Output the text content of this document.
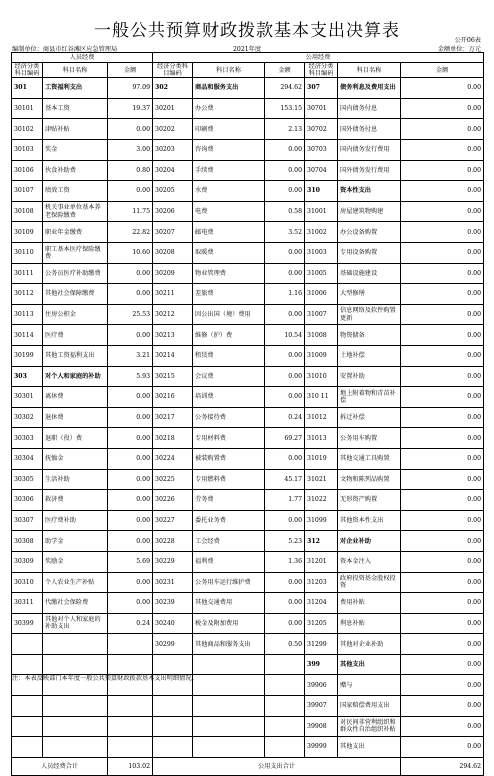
一般公共预算财政拨款基本支出决算表	公开06表
编制单位：商县市红谷滩区应急管理局	2021年度	金额单位：万元
人员经费			公用经费					
经济分类科目编码	科目名称	金额	经济分类科目编码	科目名称	金额	经济分类科目编码	科目名称	金额
301	工资福利支出	97.09	302	商品和服务支出	294.62	307	债务利息及费用支出	0.00
30101	基本工资	19.37	30201	办公费	153.15	30701	国内债务付息	0.00
30102	津贴补贴	0.00	30202	印刷费	2.13	30702	国外债务付息	0.00
30103	奖金	3.00	30203	咨询费	0.00	30703	国内债务发行费用	0.00
30106	伙食补助费	0.80	30204	手续费	0.00	30704	国外债务发行费用	0.00
30107	绩效工资	0.00	30205	水费	0.00	310	资本性支出	0.00
30108	机关事业单位基本养老保险缴费	11.75	30206	电费	0.58	31001	房屋建筑物购建	0.00
30109	职业年金缴费	22.82	30207	邮电费	3.52	31002	办公设备购置	0.00
30110	职工基本医疗保险缴费	10.60	30208	取暖费	0.00	31003	专用设备购置	0.00
30111	公务员医疗补助缴费	0.00	30209	物业管理费	0.00	31005	基础设施建设	0.00
30112	其他社会保障缴费	0.00	30211	差旅费	1.16	31006	大型修缮	0.00
30113	住房公积金	25.53	30212	因公出国（境）费用	0.00	31007	信息网络及软件购置更新	0.00
30114	医疗费	0.00	30213	维修（护）费	10.54	31008	物资储备	0.00
30199	其他工资福利支出	3.21	30214	租赁费	0.00	31009	土地补偿	0.00
303	对个人和家庭的补助	5.93	30215	会议费	0.00	31010	安置补助	0.00
30301	离休费	0.00	30216	培训费	0.00	310 11	地上附着物和青苗补偿	0.00
30302	退休费	0.00	30217	公务接待费	0.24	31012	拆迁补偿	0.00
30303	退职（役）费	0.00	30218	专用材料费	69.27	31013	公务用车购置	0.00
30304	抚恤金	0.00	30224	被装购置费	0.00	31019	其他交通工具购置	0.00
30305	生活补助	0.00	30225	专用燃料费	45.17	31021	文物和陈列品购置	0.00
30306	救济费	0.00	30226	劳务费	1.77	31022	无形资产购置	0.00
30307	医疗费补助	0.00	30227	委托业务费	0.00	31099	其他资本性支出	0.00
30308	助学金	0.00	30228	工会经费	5.23	312	对企业补助	0.00
30309	奖励金	5.69	30229	福利费	1.36	31201	资本金注入	0.00
30310	个人农业生产补贴	0.00	30231	公务用车运行维护费	0.00	31203	政府投资基金股权投资	0.00
30311	代缴社会保险费	0.00	30239	其他交通费用	0.00	31204	费用补贴	0.00
30399	其他对个人和家庭的补助支出	0.24	30240	税金及附加费用	0.00	31205	利息补贴	0.00
			30299	其他商品和服务支出	0.50	31299	其他对企业补助	0.00
						399	其他支出	0.00
						39906	赠与	0.00
						39907	国家赔偿费用支出	0.00
						39908	对民间非营利组织和群众性自治组织补贴	0.00
						39999	其他支出	0.00
人员经费合计		103.02	公用支出合计					294.62
注：本表反映部门本年度一般公共预算财政拨款基本支出明细情况。
